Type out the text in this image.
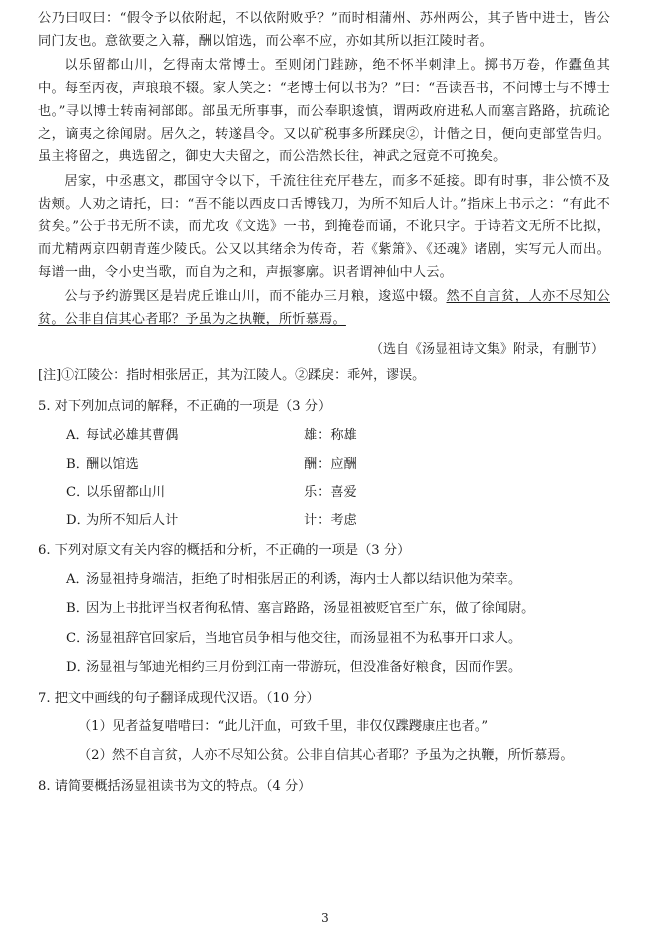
公乃曰叹曰：“假令予以依附起，不以依附败乎？”而时相蒲州、苏州两公，其子皆中进士，皆公同门友也。意欲要之入幕，酬以馆选，而公率不应，亦如其所以拒江陵时者。

以乐留都山川，乞得南太常博士。至则闭门跬跡，绝不怀半刺津上。掷书万卷，作蠹鱼其中。每至丙夜，声琅琅不辍。家人笑之：“老博士何以书为？”曰：“吾读吾书，不问博士与不博士也。”寻以博士转南祠部郎。部虽无所事事，而公奉职逡慎，谓两政府进私人而塞言路路，抗疏论之，谪夷之徐闻尉。居久之，转遂昌令。又以矿税事多所蹂戾②，计偕之日，便向吏部堂告归。虽主将留之，典选留之，御史大夫留之，而公浩然长往，神武之冠竟不可挽矣。

居家，中丞惠文，郡国守令以下，千流往往充厈巷左，而多不延接。即有时事，非公愤不及齿颊。人劝之请托，曰：“吾不能以西皮口舌博钱刀，为所不知后人计。”指床上书示之：“有此不贫矣。”公于书无所不读，而尤攻《文选》一书，到掩卷而诵，不讹只字。于诗若文无所不比拟，而尤精两京四朝青莲少陵氏。公又以其绪余为传奇，若《紫箫》、《还魂》诸剧，实写元人而出。每谱一曲，令小史当歌，而自为之和，声振寥廓。识者谓神仙中人云。

公与予约游巽区是岩虎丘谁山川，而不能办三月粮，逡巡中辍。然不自言贫，人亦不尽知公贫。公非自信其心者耶？予虽为之执鞭，所忻慕焉。

（选自《汤显祖诗文集》附录，有删节）
[注]①江陵公：指时相张居正，其为江陵人。②蹂戾：乖舛，谬误。
5. 对下列加点词的解释，不正确的一项是（3 分）
A．
每试必雄其曹偶	雄：称雄
B．
酬以馆选	酬：应酬
C．
以乐留都山川	乐：喜爱
D．
为所不知后人计	计：考虑
6. 下列对原文有关内容的概括和分析，不正确的一项是（3 分）
A．
汤显祖持身端洁，拒绝了时相张居正的利诱，海内士人都以结识他为荣幸。
B．
因为上书批评当权者徇私情、塞言路路，汤显祖被贬官至广东，做了徐闻尉。
C．
汤显祖辞官回家后，当地官员争相与他交往，而汤显祖不为私事开口求人。
D．
汤显祖与邹迪光相约三月份到江南一带游玩，但没准备好粮食，因而作罢。
7. 把文中画线的句子翻译成现代汉语。（10 分）
（1） 见者益复唶唶曰：“此儿汗血，可致千里，非仅仅蹀躞康庄也者。”
（2） 然不自言贫，人亦不尽知公贫。公非自信其心者耶？予虽为之执鞭，所忻慕焉。
8. 请简要概括汤显祖读书为文的特点。（4 分）
3
